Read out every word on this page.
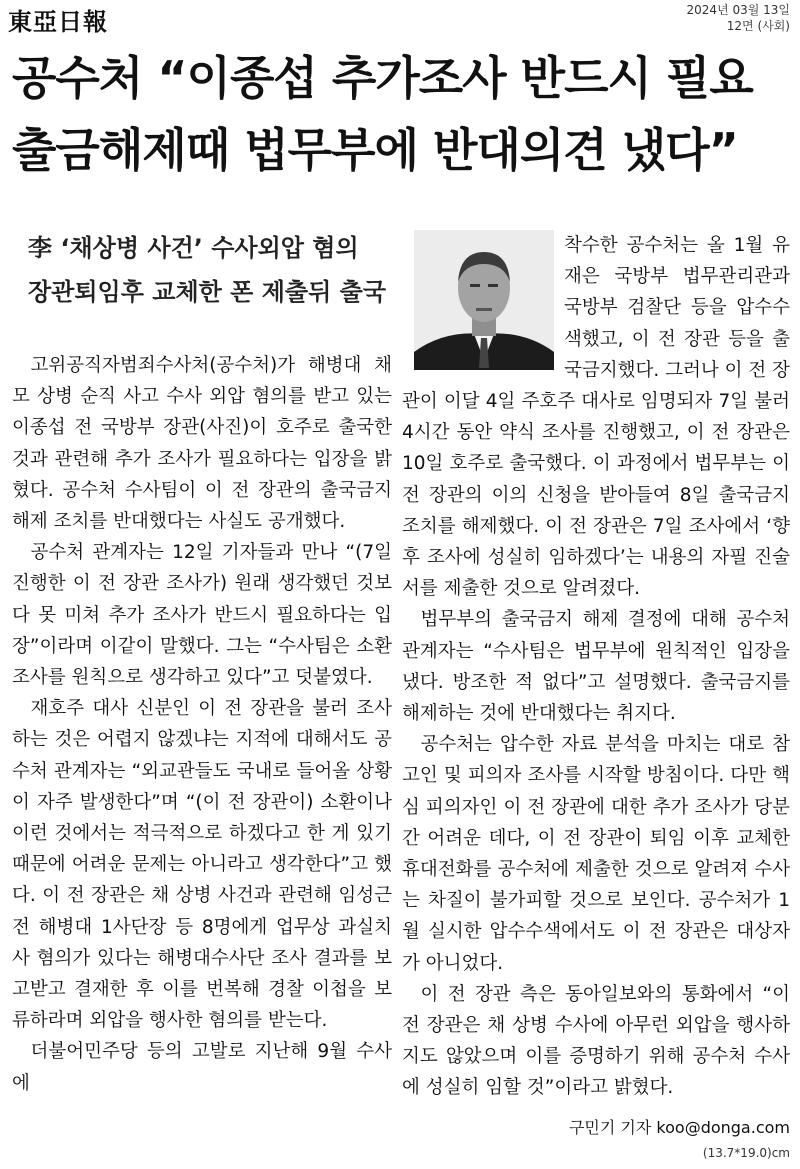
東亞日報	2024년 03월 13일
12면 (사회)
공수처 “이종섭 추가조사 반드시 필요
출금해제때 법무부에 반대의견 냈다”
李 ‘채상병 사건’ 수사외압 혐의
장관퇴임후 교체한 폰 제출뒤 출국

고위공직자범죄수사처(공수처)가 해병대 채 모 상병 순직 사고 수사 외압 혐의를 받고 있는 이종섭 전 국방부 장관(사진)이 호주로 출국한 것과 관련해 추가 조사가 필요하다는 입장을 밝혔다. 공수처 수사팀이 이 전 장관의 출국금지 해제 조치를 반대했다는 사실도 공개했다.

공수처 관계자는 12일 기자들과 만나 “(7일 진행한 이 전 장관 조사가) 원래 생각했던 것보다 못 미쳐 추가 조사가 반드시 필요하다는 입장”이라며 이같이 말했다. 그는 “수사팀은 소환 조사를 원칙으로 생각하고 있다”고 덧붙였다.

재호주 대사 신분인 이 전 장관을 불러 조사하는 것은 어렵지 않겠냐는 지적에 대해서도 공수처 관계자는 “외교관들도 국내로 들어올 상황이 자주 발생한다”며 “(이 전 장관이) 소환이나 이런 것에서는 적극적으로 하겠다고 한 게 있기 때문에 어려운 문제는 아니라고 생각한다”고 했다. 이 전 장관은 채 상병 사건과 관련해 임성근 전 해병대 1사단장 등 8명에게 업무상 과실치사 혐의가 있다는 해병대수사단 조사 결과를 보고받고 결재한 후 이를 번복해 경찰 이첩을 보류하라며 외압을 행사한 혐의를 받는다.

더불어민주당 등의 고발로 지난해 9월 수사에

착수한 공수처는 올 1월 유재은 국방부 법무관리관과 국방부 검찰단 등을 압수수색했고, 이 전 장관 등을 출국금지했다. 그러나 이 전 장관이 이달 4일 주호주 대사로 임명되자 7일 불러 4시간 동안 약식 조사를 진행했고, 이 전 장관은 10일 호주로 출국했다. 이 과정에서 법무부는 이 전 장관의 이의 신청을 받아들여 8일 출국금지 조치를 해제했다. 이 전 장관은 7일 조사에서 ‘향후 조사에 성실히 임하겠다’는 내용의 자필 진술서를 제출한 것으로 알려졌다.

법무부의 출국금지 해제 결정에 대해 공수처 관계자는 “수사팀은 법무부에 원칙적인 입장을 냈다. 방조한 적 없다”고 설명했다. 출국금지를 해제하는 것에 반대했다는 취지다.

공수처는 압수한 자료 분석을 마치는 대로 참고인 및 피의자 조사를 시작할 방침이다. 다만 핵심 피의자인 이 전 장관에 대한 추가 조사가 당분간 어려운 데다, 이 전 장관이 퇴임 이후 교체한 휴대전화를 공수처에 제출한 것으로 알려져 수사는 차질이 불가피할 것으로 보인다. 공수처가 1월 실시한 압수수색에서도 이 전 장관은 대상자가 아니었다.

이 전 장관 측은 동아일보와의 통화에서 “이 전 장관은 채 상병 수사에 아무런 외압을 행사하지도 않았으며 이를 증명하기 위해 공수처 수사에 성실히 임할 것”이라고 밝혔다.

구민기 기자 koo@donga.com
(13.7*19.0)cm
